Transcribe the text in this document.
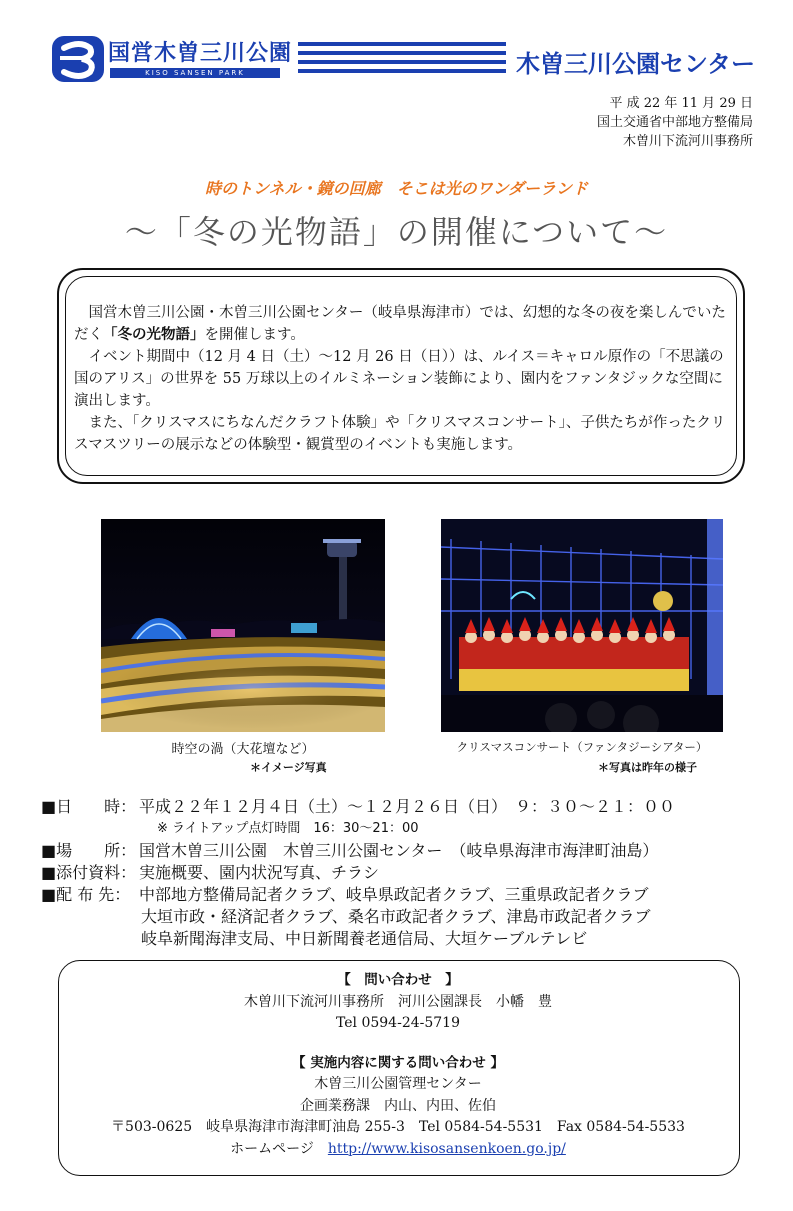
国営木曽三川公園
KISO SANSEN PARK	木曽三川公園センター
平 成 22 年 11 月 29 日
国土交通省中部地方整備局
木曽川下流河川事務所
時のトンネル・鏡の回廊　そこは光のワンダーランド
～「冬の光物語」の開催について～

国営木曽三川公園・木曽三川公園センター（岐阜県海津市）では、幻想的な冬の夜を楽しんでいただく「冬の光物語」を開催します。

イベント期間中（12 月 4 日（土）～12 月 26 日（日））は、ルイス＝キャロル原作の「不思議の国のアリス」の世界を 55 万球以上のイルミネーション装飾により、園内をファンタジックな空間に演出します。

また、「クリスマスにちなんだクラフト体験」や「クリスマスコンサート」、子供たちが作ったクリスマスツリーの展示などの体験型・観賞型のイベントも実施します。

時空の渦（大花壇など）
＊イメージ写真
クリスマスコンサート（ファンタジーシアター）
＊写真は昨年の様子
■日　　時： 平成２２年１２月４日（土）～１２月２６日（日）　９：３０～２１：００
※ ライトアップ点灯時間　16：30～21：00
■場　　所： 国営木曽三川公園　木曽三川公園センター　（岐阜県海津市海津町油島）
■添付資料： 実施概要、園内状況写真、チラシ
■配 布 先： 中部地方整備局記者クラブ、岐阜県政記者クラブ、三重県政記者クラブ
大垣市政・経済記者クラブ、桑名市政記者クラブ、津島市政記者クラブ
岐阜新聞海津支局、中日新聞養老通信局、大垣ケーブルテレビ
【　問い合わせ　】
木曽川下流河川事務所　河川公園課長　小幡　豊
Tel 0594-24-5719
【 実施内容に関する問い合わせ 】
木曽三川公園管理センター
企画業務課　内山、内田、佐伯
〒503-0625　岐阜県海津市海津町油島 255-3　Tel 0584-54-5531　Fax 0584-54-5533
ホームページ　http://www.kisosansenkoen.go.jp/
